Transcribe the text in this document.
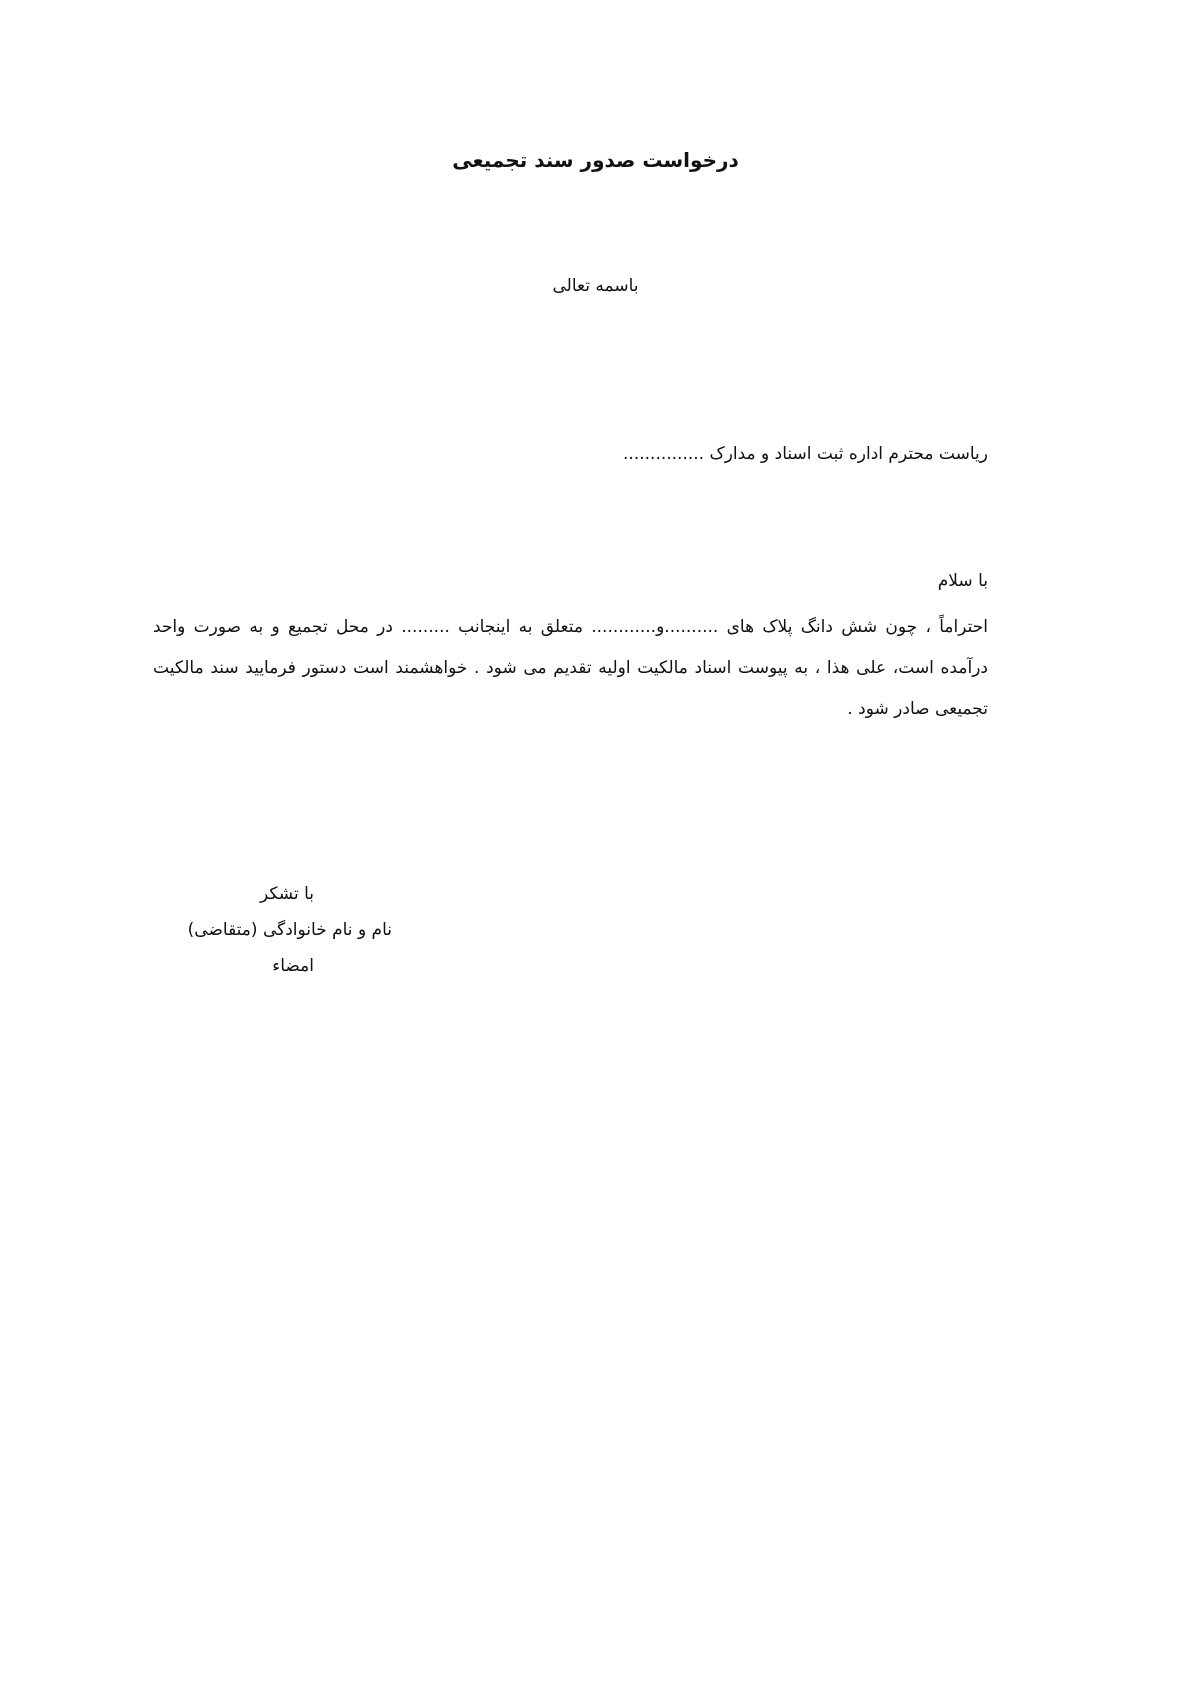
درخواست صدور سند تجمیعی
باسمه تعالی
ریاست محترم اداره ثبت اسناد و مدارک ...............
با سلام
احتراماً ، چون شش دانگ پلاک های ..........و............ متعلق به اینجانب ......... در محل تجمیع و به صورت واحد درآمده است، علی هذا ، به پیوست اسناد مالکیت اولیه تقدیم می شود . خواهشمند است دستور فرمایید سند مالکیت تجمیعی صادر شود .
با تشکر
نام و نام خانوادگی (متقاضی)
امضاء
